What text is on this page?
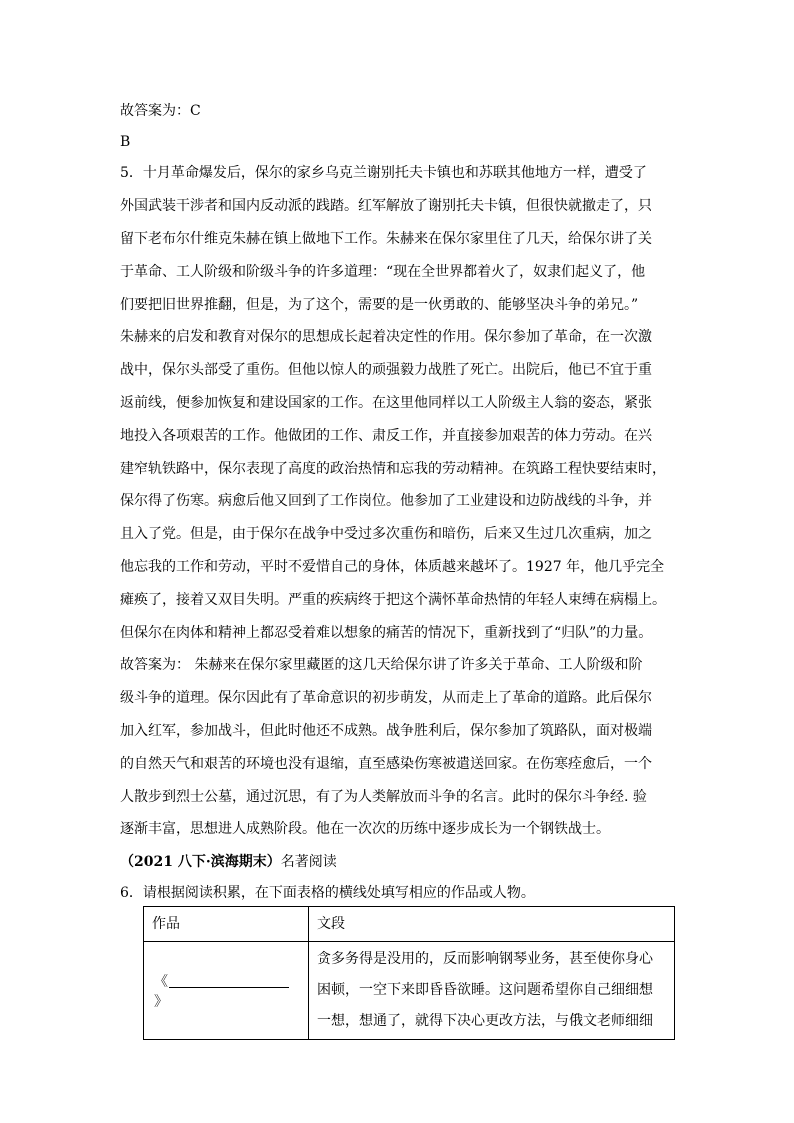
故答案为：C
B
5．十月革命爆发后，保尔的家乡乌克兰谢别托夫卡镇也和苏联其他地方一样，遭受了
外国武装干涉者和国内反动派的践踏。红军解放了谢别托夫卡镇，但很快就撤走了，只
留下老布尔什维克朱赫在镇上做地下工作。朱赫来在保尔家里住了几天，给保尔讲了关
于革命、工人阶级和阶级斗争的许多道理：“现在全世界都着火了，奴隶们起义了，他
们要把旧世界推翻，但是，为了这个，需要的是一伙勇敢的、能够坚决斗争的弟兄。”
朱赫来的启发和教育对保尔的思想成长起着决定性的作用。保尔参加了革命，在一次激
战中，保尔头部受了重伤。但他以惊人的顽强毅力战胜了死亡。出院后，他已不宜于重
返前线，便参加恢复和建设国家的工作。在这里他同样以工人阶级主人翁的姿态，紧张
地投入各项艰苦的工作。他做团的工作、肃反工作，并直接参加艰苦的体力劳动。在兴
建窄轨铁路中，保尔表现了高度的政治热情和忘我的劳动精神。在筑路工程快要结束时，
保尔得了伤寒。病愈后他又回到了工作岗位。他参加了工业建设和边防战线的斗争，并
且入了党。但是，由于保尔在战争中受过多次重伤和暗伤，后来又生过几次重病，加之
他忘我的工作和劳动，平时不爱惜自己的身体，体质越来越坏了。1927 年，他几乎完全
瘫痪了，接着又双目失明。严重的疾病终于把这个满怀革命热情的年轻人束缚在病榻上。
但保尔在肉体和精神上都忍受着难以想象的痛苦的情况下，重新找到了“归队”的力量。
故答案为： 朱赫来在保尔家里藏匿的这几天给保尔讲了许多关于革命、工人阶级和阶
级斗争的道理。保尔因此有了革命意识的初步萌发，从而走上了革命的道路。此后保尔
加入红军，参加战斗，但此时他还不成熟。战争胜利后，保尔参加了筑路队，面对极端
的自然天气和艰苦的环境也没有退缩，直至感染伤寒被遣送回家。在伤寒痊愈后，一个
人散步到烈士公墓，通过沉思，有了为人类解放而斗争的名言。此时的保尔斗争经. 验
逐渐丰富，思想进人成熟阶段。他在一次次的历练中逐步成长为一个钢铁战士。
（2021 八下·滨海期末）名著阅读
6．请根据阅读积累，在下面表格的横线处填写相应的作品或人物。
作品	文段
《》	贪多务得是没用的，反而影响钢琴业务，甚至使你身心困顿，一空下来即昏昏欲睡。这问题希望你自己细细想一想，想通了，就得下决心更改方法，与俄文老师细细
